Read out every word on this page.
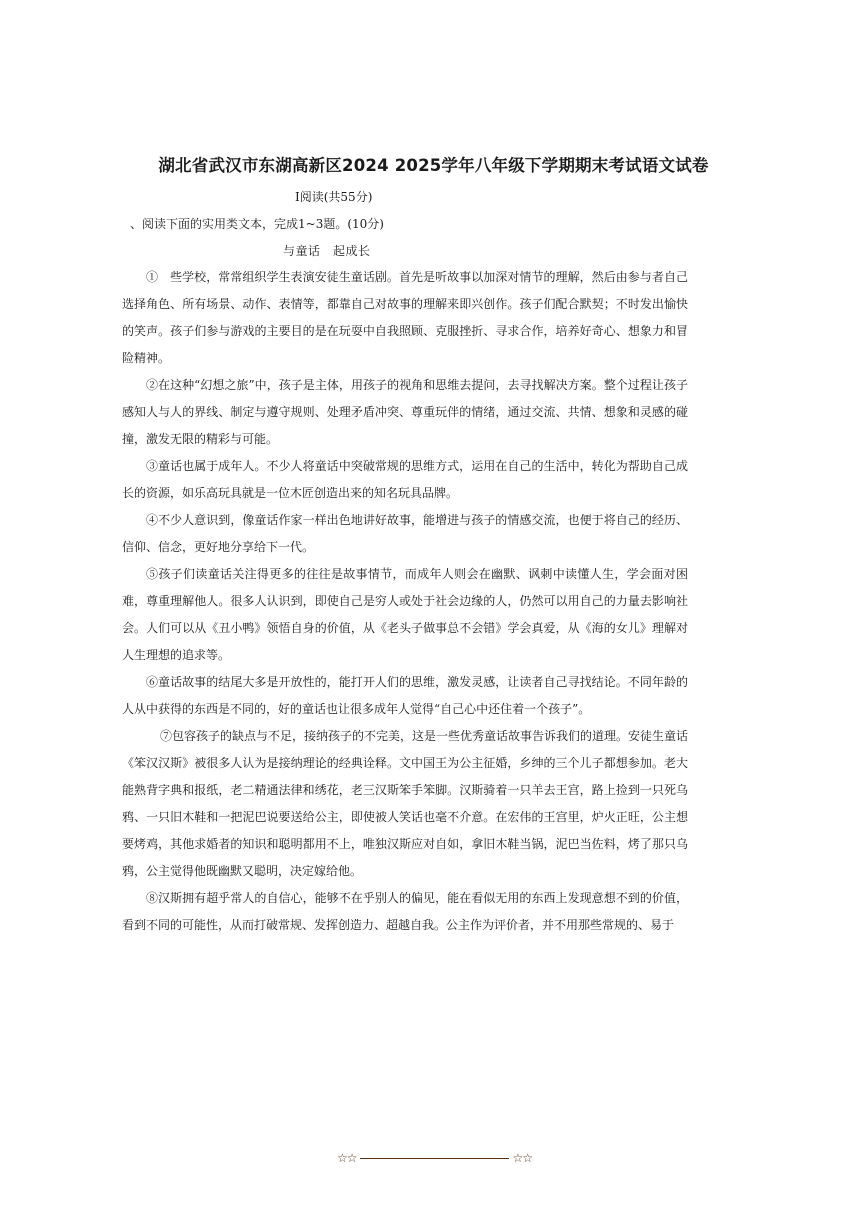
湖北省武汉市东湖高新区2024 2025学年八年级下学期期末考试语文试卷
I阅读(共55分)
、阅读下面的实用类文本，完成1~3题。(10分)
与童话　起成长

①　些学校，常常组织学生表演安徒生童话剧。首先是听故事以加深对情节的理解，然后由参与者自己选择角色、所有场景、动作、表情等，都靠自己对故事的理解来即兴创作。孩子们配合默契；不时发出愉快的笑声。孩子们参与游戏的主要目的是在玩耍中自我照顾、克服挫折、寻求合作，培养好奇心、想象力和冒险精神。

②在这种“幻想之旅”中，孩子是主体，用孩子的视角和思维去提问，去寻找解决方案。整个过程让孩子感知人与人的界线、制定与遵守规则、处理矛盾冲突、尊重玩伴的情绪，通过交流、共情、想象和灵感的碰撞，激发无限的精彩与可能。

③童话也属于成年人。不少人将童话中突破常规的思维方式，运用在自己的生活中，转化为帮助自己成长的资源，如乐高玩具就是一位木匠创造出来的知名玩具品牌。

④不少人意识到，像童话作家一样出色地讲好故事，能增进与孩子的情感交流，也便于将自己的经历、信仰、信念，更好地分享给下一代。

⑤孩子们读童话关注得更多的往往是故事情节，而成年人则会在幽默、讽刺中读懂人生，学会面对困难，尊重理解他人。很多人认识到，即使自己是穷人或处于社会边缘的人，仍然可以用自己的力量去影响社会。人们可以从《丑小鸭》领悟自身的价值，从《老头子做事总不会错》学会真爱，从《海的女儿》理解对人生理想的追求等。

⑥童话故事的结尾大多是开放性的，能打开人们的思维，激发灵感，让读者自己寻找结论。不同年龄的人从中获得的东西是不同的，好的童话也让很多成年人觉得“自己心中还住着一个孩子”。

⑦包容孩子的缺点与不足，接纳孩子的不完美，这是一些优秀童话故事告诉我们的道理。安徒生童话《笨汉汉斯》被很多人认为是接纳理论的经典诠释。文中国王为公主征婚，乡绅的三个儿子都想参加。老大能熟背字典和报纸，老二精通法律和绣花，老三汉斯笨手笨脚。汉斯骑着一只羊去王宫，路上捡到一只死乌鸦、一只旧木鞋和一把泥巴说要送给公主，即使被人笑话也毫不介意。在宏伟的王宫里，炉火正旺，公主想要烤鸡，其他求婚者的知识和聪明都用不上，唯独汉斯应对自如，拿旧木鞋当锅，泥巴当佐料，烤了那只乌鸦，公主觉得他既幽默又聪明，决定嫁给他。

⑧汉斯拥有超乎常人的自信心，能够不在乎别人的偏见，能在看似无用的东西上发现意想不到的价值，看到不同的可能性，从而打破常规、发挥创造力、超越自我。公主作为评价者，并不用那些常规的、易于

☆☆	☆☆
